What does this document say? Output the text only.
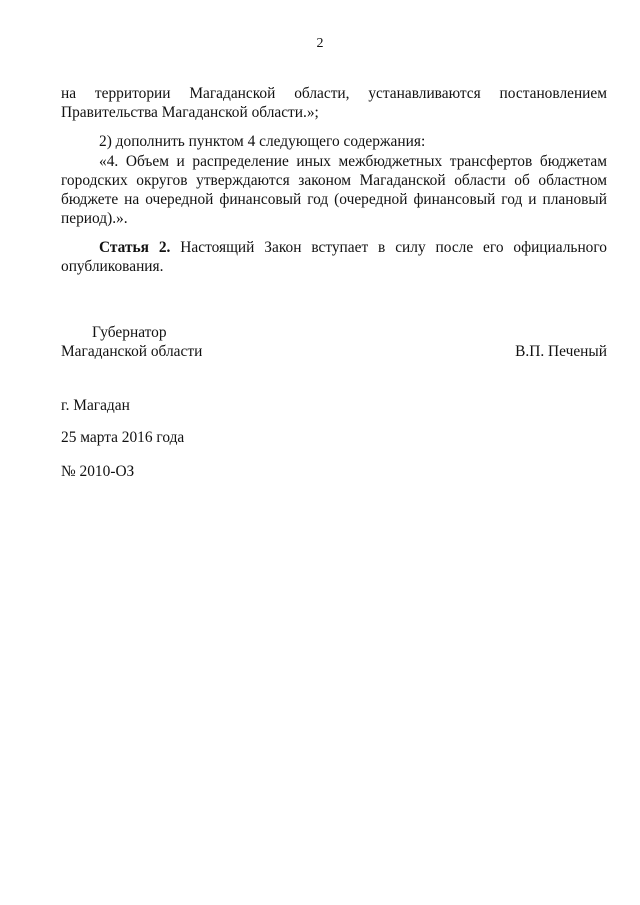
2
на территории Магаданской области, устанавливаются постановлением
Правительства Магаданской области.»;
2) дополнить пунктом 4 следующего содержания:
«4. Объем и распределение иных межбюджетных трансфертов бюджетам
городских округов утверждаются законом Магаданской области об областном
бюджете на очередной финансовый год (очередной финансовый год и плановый
период).».
Статья 2. Настоящий Закон вступает в силу после его официального
опубликования.
Губернатор
Магаданской области	В.П. Печеный
г. Магадан
25 марта 2016 года
№ 2010-ОЗ
